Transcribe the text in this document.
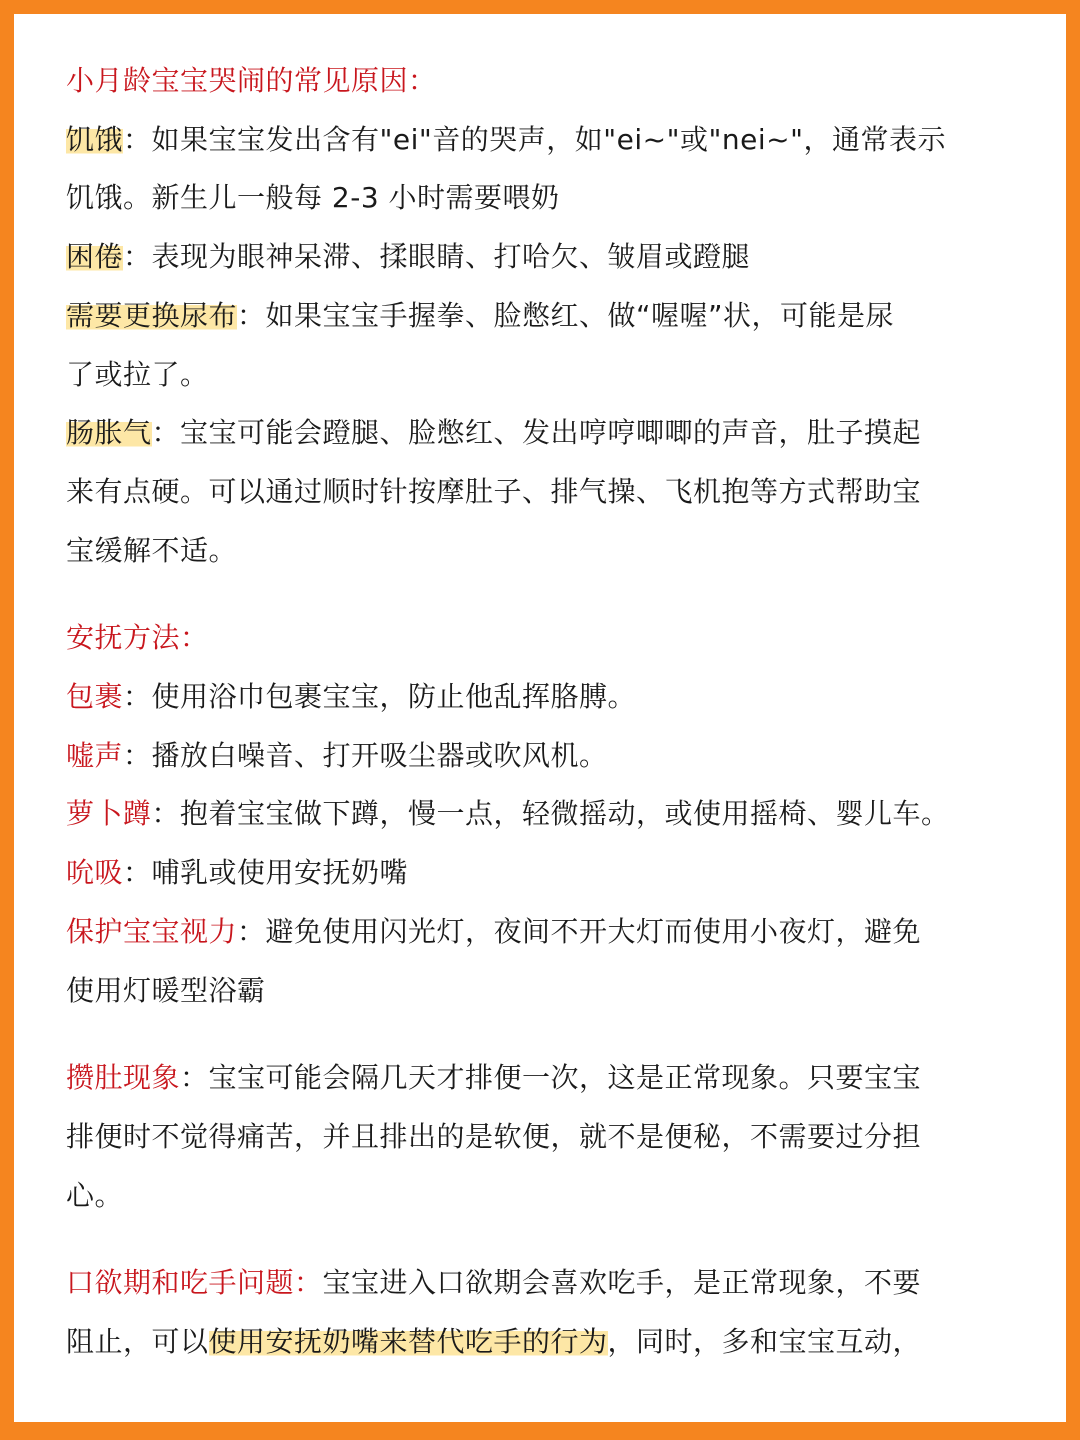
小月龄宝宝哭闹的常见原因：
饥饿：如果宝宝发出含有"ei"音的哭声，如"ei~"或"nei~"，通常表示
饥饿。新生儿一般每 2-3 小时需要喂奶
困倦：表现为眼神呆滞、揉眼睛、打哈欠、皱眉或蹬腿
需要更换尿布：如果宝宝手握拳、脸憋红、做“喔喔”状，可能是尿
了或拉了。
肠胀气：宝宝可能会蹬腿、脸憋红、发出哼哼唧唧的声音，肚子摸起
来有点硬。可以通过顺时针按摩肚子、排气操、飞机抱等方式帮助宝
宝缓解不适。
安抚方法：
包裹：使用浴巾包裹宝宝，防止他乱挥胳膊。
嘘声：播放白噪音、打开吸尘器或吹风机。
萝卜蹲：抱着宝宝做下蹲，慢一点，轻微摇动，或使用摇椅、婴儿车。
吮吸：哺乳或使用安抚奶嘴
保护宝宝视力：避免使用闪光灯，夜间不开大灯而使用小夜灯，避免
使用灯暖型浴霸
攒肚现象：宝宝可能会隔几天才排便一次，这是正常现象。只要宝宝
排便时不觉得痛苦，并且排出的是软便，就不是便秘，不需要过分担
心。
口欲期和吃手问题：宝宝进入口欲期会喜欢吃手，是正常现象，不要
阻止，可以使用安抚奶嘴来替代吃手的行为，同时，多和宝宝互动，
